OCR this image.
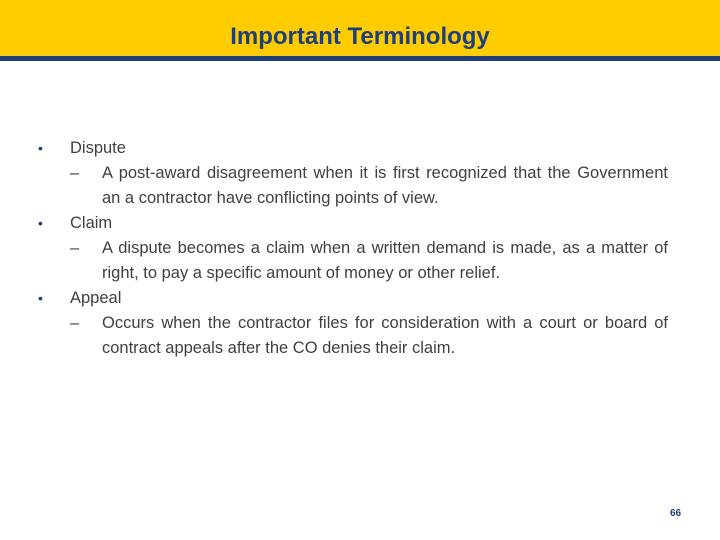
Important Terminology
•	Dispute
– A post-award disagreement when it is first recognized that the Government an a contractor have conflicting points of view.
•	Claim
– A dispute becomes a claim when a written demand is made, as a matter of right, to pay a specific amount of money or other relief.
•	Appeal
– Occurs when the contractor files for consideration with a court or board of contract appeals after the CO denies their claim.
66
